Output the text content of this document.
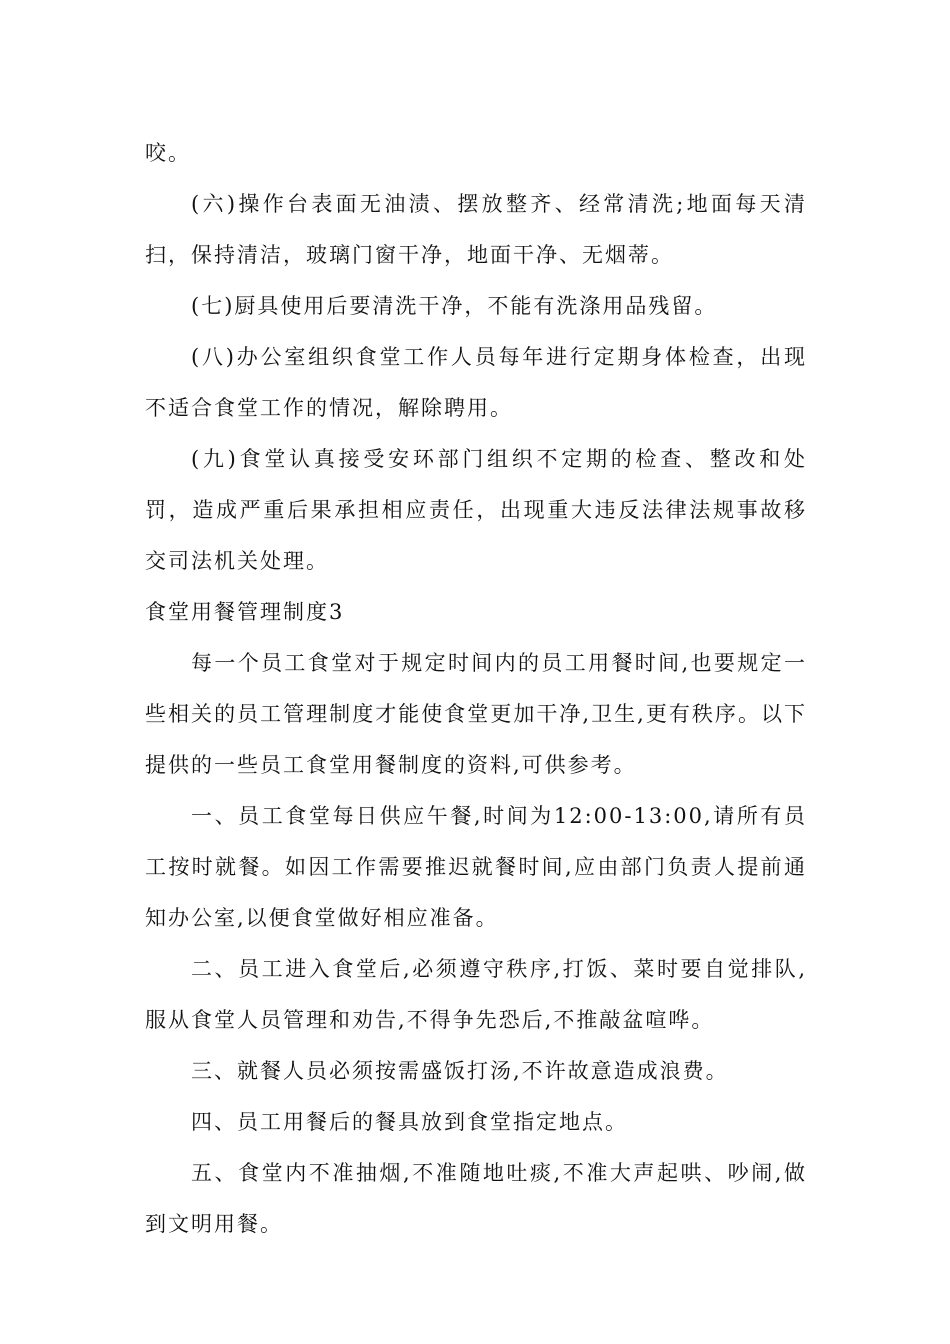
咬。

(六)操作台表面无油渍、摆放整齐、经常清洗;地面每天清扫，保持清洁，玻璃门窗干净，地面干净、无烟蒂。

(七)厨具使用后要清洗干净，不能有洗涤用品残留。

(八)办公室组织食堂工作人员每年进行定期身体检查，出现不适合食堂工作的情况，解除聘用。

(九)食堂认真接受安环部门组织不定期的检查、整改和处罚，造成严重后果承担相应责任，出现重大违反法律法规事故移交司法机关处理。

食堂用餐管理制度3

每一个员工食堂对于规定时间内的员工用餐时间,也要规定一些相关的员工管理制度才能使食堂更加干净,卫生,更有秩序。以下提供的一些员工食堂用餐制度的资料,可供参考。

一、员工食堂每日供应午餐,时间为12:00-13:00,请所有员工按时就餐。如因工作需要推迟就餐时间,应由部门负责人提前通知办公室,以便食堂做好相应准备。

二、员工进入食堂后,必须遵守秩序,打饭、菜时要自觉排队,服从食堂人员管理和劝告,不得争先恐后,不推敲盆喧哗。

三、就餐人员必须按需盛饭打汤,不许故意造成浪费。

四、员工用餐后的餐具放到食堂指定地点。

五、食堂内不准抽烟,不准随地吐痰,不准大声起哄、吵闹,做到文明用餐。
